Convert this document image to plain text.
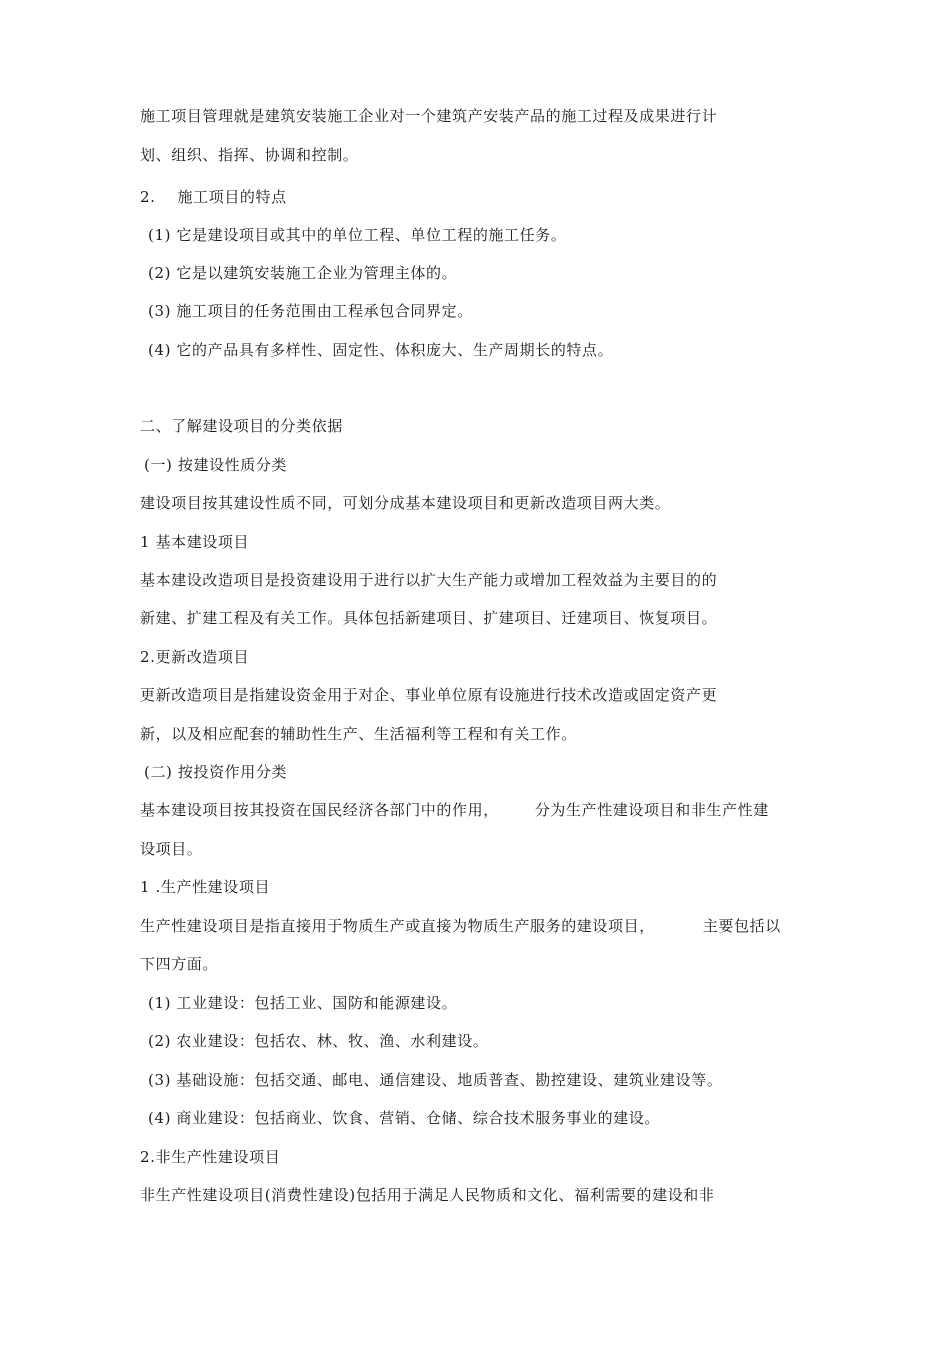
施工项目管理就是建筑安装施工企业对一个建筑产安装产品的施工过程及成果进行计
划、组织、指挥、协调和控制。
2. 施工项目的特点
(1) 它是建设项目或其中的单位工程、单位工程的施工任务。
(2) 它是以建筑安装施工企业为管理主体的。
(3) 施工项目的任务范围由工程承包合同界定。
(4) 它的产品具有多样性、固定性、体积庞大、生产周期长的特点。
二、了解建设项目的分类依据
(一) 按建设性质分类
建设项目按其建设性质不同，可划分成基本建设项目和更新改造项目两大类。
1 基本建设项目
基本建设改造项目是投资建设用于进行以扩大生产能力或增加工程效益为主要目的的
新建、扩建工程及有关工作。具体包括新建项目、扩建项目、迁建项目、恢复项目。
2.更新改造项目
更新改造项目是指建设资金用于对企、事业单位原有设施进行技术改造或固定资产更
新，以及相应配套的辅助性生产、生活福利等工程和有关工作。
(二) 按投资作用分类
基本建设项目按其投资在国民经济各部门中的作用， 分为生产性建设项目和非生产性建
设项目。
1 .生产性建设项目
生产性建设项目是指直接用于物质生产或直接为物质生产服务的建设项目，	主要包括以
下四方面。
(1) 工业建设：包括工业、国防和能源建设。
(2) 农业建设：包括农、林、牧、渔、水利建设。
(3) 基础设施：包括交通、邮电、通信建设、地质普查、勘控建设、建筑业建设等。
(4) 商业建设：包括商业、饮食、营销、仓储、综合技术服务事业的建设。
2.非生产性建设项目
非生产性建设项目(消费性建设)包括用于满足人民物质和文化、福利需要的建设和非
